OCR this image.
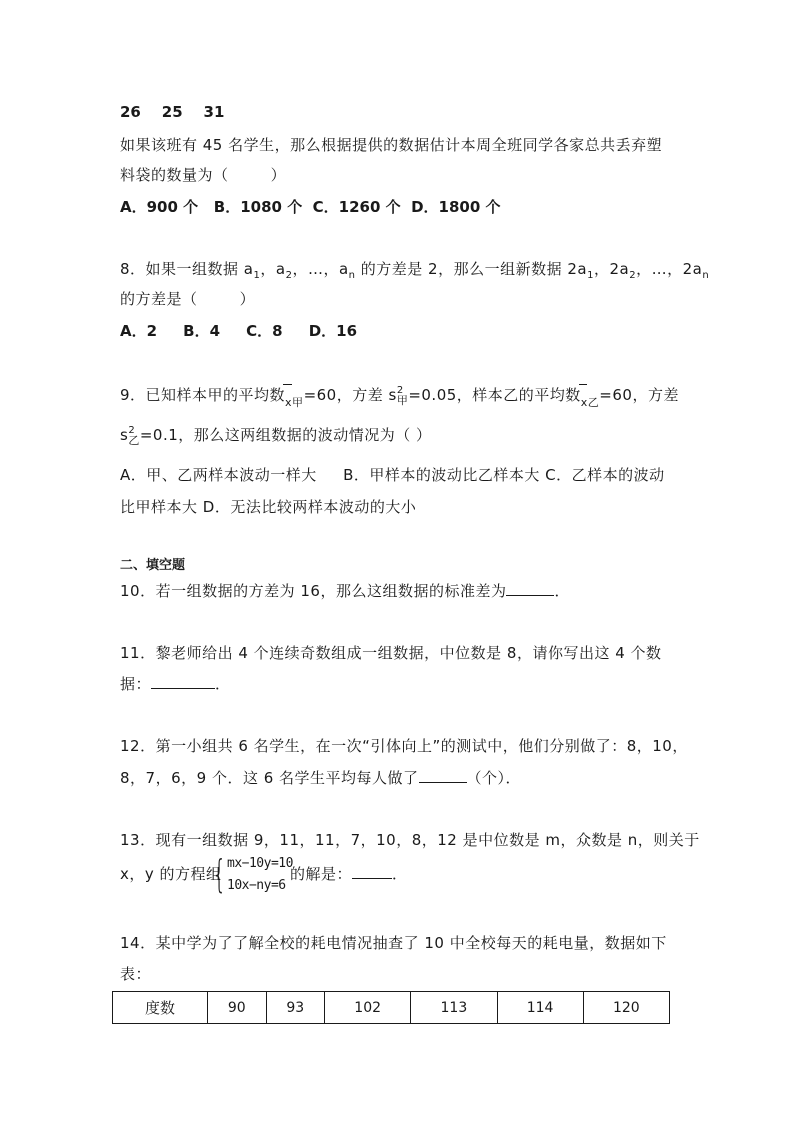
26    25    31
如果该班有 45 名学生，那么根据提供的数据估计本周全班同学各家总共丢弃塑
料袋的数量为（        ）
A．900 个   B．1080 个  C．1260 个  D．1800 个
8．如果一组数据 $a_1$，$a_2$，…，$a_n$ 的方差是 2，那么一组新数据 $2a_1$，$2a_2$，…，$2a_n$
的方差是（        ）
A．2     B．4     C．8     D．16
9．已知样本甲的平均数x甲=60，方差 s 2
甲 =0.05，样本乙的平均数x乙=60，方差
s 2
乙 =0.1，那么这两组数据的波动情况为（ ）
A．甲、乙两样本波动一样大     B．甲样本的波动比乙样本大 C．乙样本的波动
比甲样本大 D．无法比较两样本波动的大小
二、填空题
10．若一组数据的方差为 16，那么这组数据的标准差为	．
11．黎老师给出 4 个连续奇数组成一组数据，中位数是 8，请你写出这 4 个数
据：	．
12．第一小组共 6 名学生，在一次“引体向上”的测试中，他们分别做了：8，10，
8，7，6，9 个．这 6 名学生平均每人做了	（个）．
13．现有一组数据 9，11，11，7，10，8，12 是中位数是 m，众数是 n，则关于
x，y 的方程组
{ mx−10y=10
10x−ny=6
的解是：	．
14．某中学为了了解全校的耗电情况抽查了 10 中全校每天的耗电量，数据如下
表：
度数	90	93	102	113	114	120
